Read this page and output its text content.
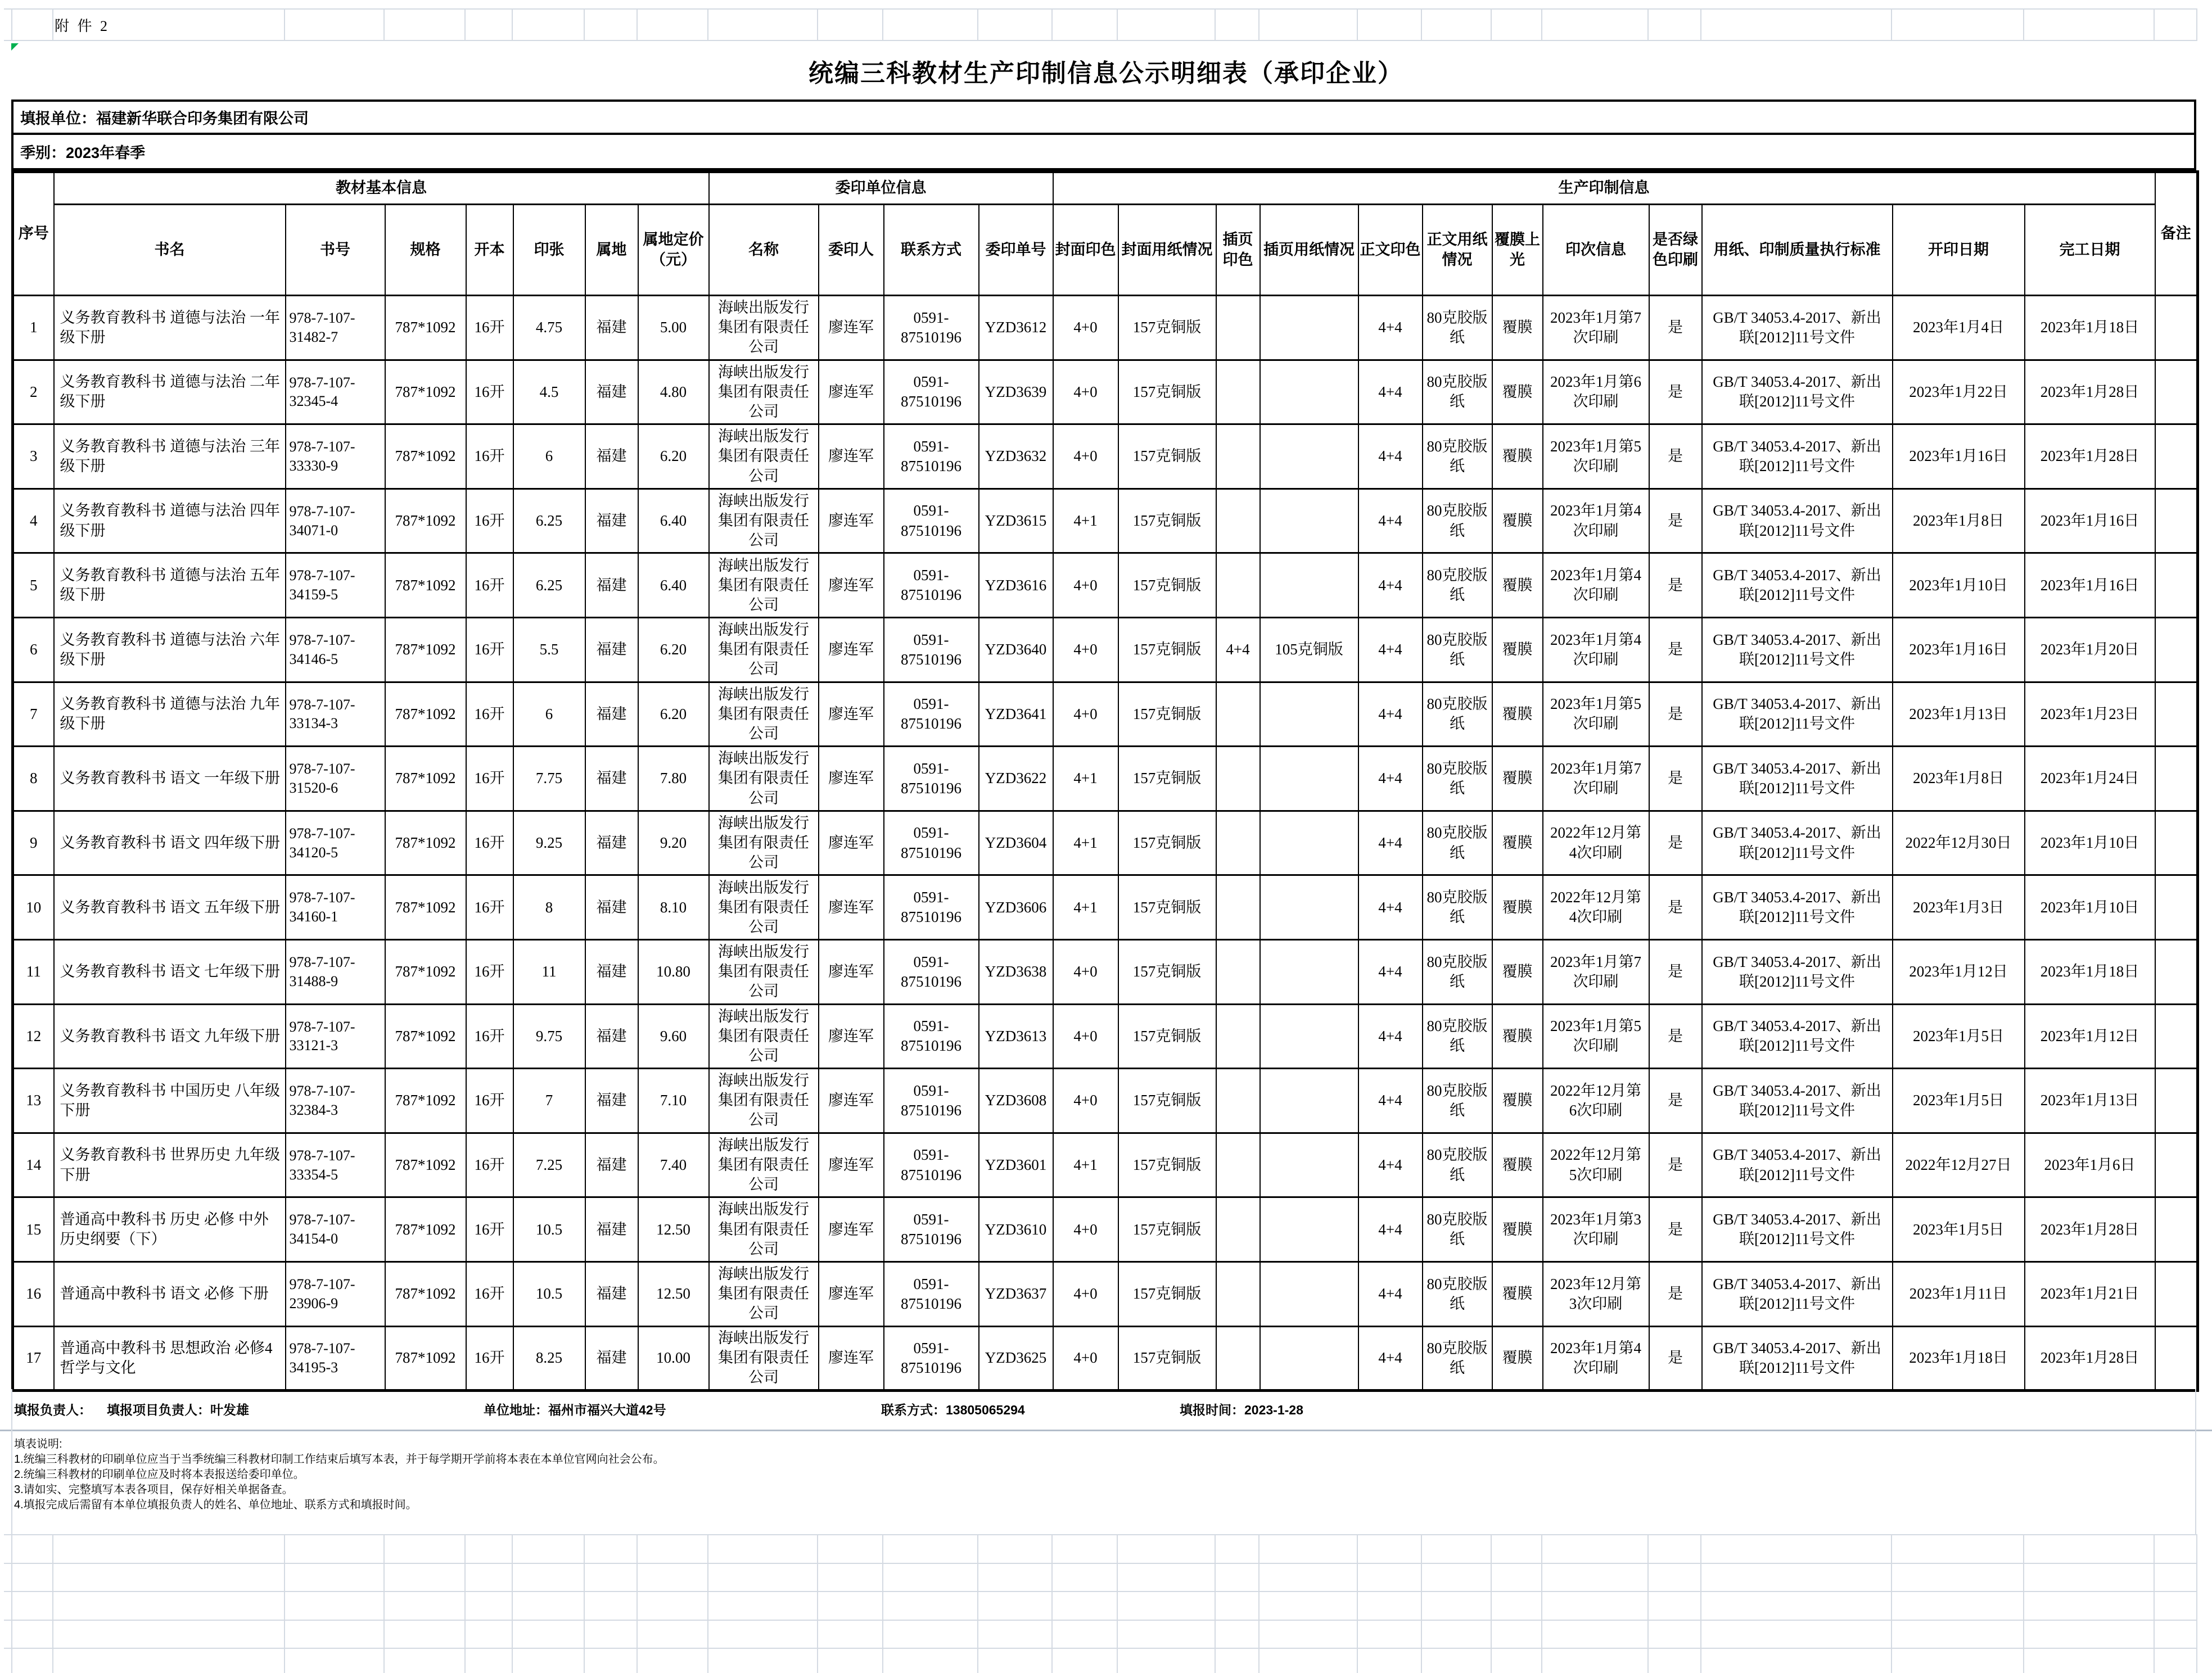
附 件 2
统编三科教材生产印制信息公示明细表（承印企业）
填报单位：福建新华联合印务集团有限公司
季别：2023年春季
序号	教材基本信息							委印单位信息				生产印制信息												备注
	书名	书号	规格	开本	印张	属地	属地定价（元）	名称	委印人	联系方式	委印单号	封面印色	封面用纸情况	插页印色	插页用纸情况	正文印色	正文用纸情况	覆膜上光	印次信息	是否绿色印刷	用纸、印制质量执行标准	开印日期	完工日期	
1	义务教育教科书 道德与法治 一年级下册	978-7-107-31482-7	787*1092	16开	4.75	福建	5.00	海峡出版发行集团有限责任公司	廖连军	0591-87510196	YZD3612	4+0	157克铜版			4+4	80克胶版纸	覆膜	2023年1月第7次印刷	是	GB/T 34053.4-2017、新出联[2012]11号文件	2023年1月4日	2023年1月18日	
2	义务教育教科书 道德与法治 二年级下册	978-7-107-32345-4	787*1092	16开	4.5	福建	4.80	海峡出版发行集团有限责任公司	廖连军	0591-87510196	YZD3639	4+0	157克铜版			4+4	80克胶版纸	覆膜	2023年1月第6次印刷	是	GB/T 34053.4-2017、新出联[2012]11号文件	2023年1月22日	2023年1月28日	
3	义务教育教科书 道德与法治 三年级下册	978-7-107-33330-9	787*1092	16开	6	福建	6.20	海峡出版发行集团有限责任公司	廖连军	0591-87510196	YZD3632	4+0	157克铜版			4+4	80克胶版纸	覆膜	2023年1月第5次印刷	是	GB/T 34053.4-2017、新出联[2012]11号文件	2023年1月16日	2023年1月28日	
4	义务教育教科书 道德与法治 四年级下册	978-7-107-34071-0	787*1092	16开	6.25	福建	6.40	海峡出版发行集团有限责任公司	廖连军	0591-87510196	YZD3615	4+1	157克铜版			4+4	80克胶版纸	覆膜	2023年1月第4次印刷	是	GB/T 34053.4-2017、新出联[2012]11号文件	2023年1月8日	2023年1月16日	
5	义务教育教科书 道德与法治 五年级下册	978-7-107-34159-5	787*1092	16开	6.25	福建	6.40	海峡出版发行集团有限责任公司	廖连军	0591-87510196	YZD3616	4+0	157克铜版			4+4	80克胶版纸	覆膜	2023年1月第4次印刷	是	GB/T 34053.4-2017、新出联[2012]11号文件	2023年1月10日	2023年1月16日	
6	义务教育教科书 道德与法治 六年级下册	978-7-107-34146-5	787*1092	16开	5.5	福建	6.20	海峡出版发行集团有限责任公司	廖连军	0591-87510196	YZD3640	4+0	157克铜版	4+4	105克铜版	4+4	80克胶版纸	覆膜	2023年1月第4次印刷	是	GB/T 34053.4-2017、新出联[2012]11号文件	2023年1月16日	2023年1月20日	
7	义务教育教科书 道德与法治 九年级下册	978-7-107-33134-3	787*1092	16开	6	福建	6.20	海峡出版发行集团有限责任公司	廖连军	0591-87510196	YZD3641	4+0	157克铜版			4+4	80克胶版纸	覆膜	2023年1月第5次印刷	是	GB/T 34053.4-2017、新出联[2012]11号文件	2023年1月13日	2023年1月23日	
8	义务教育教科书 语文 一年级下册	978-7-107-31520-6	787*1092	16开	7.75	福建	7.80	海峡出版发行集团有限责任公司	廖连军	0591-87510196	YZD3622	4+1	157克铜版			4+4	80克胶版纸	覆膜	2023年1月第7次印刷	是	GB/T 34053.4-2017、新出联[2012]11号文件	2023年1月8日	2023年1月24日	
9	义务教育教科书 语文 四年级下册	978-7-107-34120-5	787*1092	16开	9.25	福建	9.20	海峡出版发行集团有限责任公司	廖连军	0591-87510196	YZD3604	4+1	157克铜版			4+4	80克胶版纸	覆膜	2022年12月第4次印刷	是	GB/T 34053.4-2017、新出联[2012]11号文件	2022年12月30日	2023年1月10日	
10	义务教育教科书 语文 五年级下册	978-7-107-34160-1	787*1092	16开	8	福建	8.10	海峡出版发行集团有限责任公司	廖连军	0591-87510196	YZD3606	4+1	157克铜版			4+4	80克胶版纸	覆膜	2022年12月第4次印刷	是	GB/T 34053.4-2017、新出联[2012]11号文件	2023年1月3日	2023年1月10日	
11	义务教育教科书 语文 七年级下册	978-7-107-31488-9	787*1092	16开	11	福建	10.80	海峡出版发行集团有限责任公司	廖连军	0591-87510196	YZD3638	4+0	157克铜版			4+4	80克胶版纸	覆膜	2023年1月第7次印刷	是	GB/T 34053.4-2017、新出联[2012]11号文件	2023年1月12日	2023年1月18日	
12	义务教育教科书 语文 九年级下册	978-7-107-33121-3	787*1092	16开	9.75	福建	9.60	海峡出版发行集团有限责任公司	廖连军	0591-87510196	YZD3613	4+0	157克铜版			4+4	80克胶版纸	覆膜	2023年1月第5次印刷	是	GB/T 34053.4-2017、新出联[2012]11号文件	2023年1月5日	2023年1月12日	
13	义务教育教科书 中国历史 八年级下册	978-7-107-32384-3	787*1092	16开	7	福建	7.10	海峡出版发行集团有限责任公司	廖连军	0591-87510196	YZD3608	4+0	157克铜版			4+4	80克胶版纸	覆膜	2022年12月第6次印刷	是	GB/T 34053.4-2017、新出联[2012]11号文件	2023年1月5日	2023年1月13日	
14	义务教育教科书 世界历史 九年级下册	978-7-107-33354-5	787*1092	16开	7.25	福建	7.40	海峡出版发行集团有限责任公司	廖连军	0591-87510196	YZD3601	4+1	157克铜版			4+4	80克胶版纸	覆膜	2022年12月第5次印刷	是	GB/T 34053.4-2017、新出联[2012]11号文件	2022年12月27日	2023年1月6日	
15	普通高中教科书 历史 必修 中外历史纲要（下）	978-7-107-34154-0	787*1092	16开	10.5	福建	12.50	海峡出版发行集团有限责任公司	廖连军	0591-87510196	YZD3610	4+0	157克铜版			4+4	80克胶版纸	覆膜	2023年1月第3次印刷	是	GB/T 34053.4-2017、新出联[2012]11号文件	2023年1月5日	2023年1月28日	
16	普通高中教科书 语文 必修 下册	978-7-107-23906-9	787*1092	16开	10.5	福建	12.50	海峡出版发行集团有限责任公司	廖连军	0591-87510196	YZD3637	4+0	157克铜版			4+4	80克胶版纸	覆膜	2023年12月第3次印刷	是	GB/T 34053.4-2017、新出联[2012]11号文件	2023年1月11日	2023年1月21日	
17	普通高中教科书 思想政治 必修4 哲学与文化	978-7-107-34195-3	787*1092	16开	8.25	福建	10.00	海峡出版发行集团有限责任公司	廖连军	0591-87510196	YZD3625	4+0	157克铜版			4+4	80克胶版纸	覆膜	2023年1月第4次印刷	是	GB/T 34053.4-2017、新出联[2012]11号文件	2023年1月18日	2023年1月28日	
填报负责人： 填报项目负责人：叶发雄	单位地址：福州市福兴大道42号	联系方式：13805065294	填报时间：2023-1-28
填表说明:
1.统编三科教材的印刷单位应当于当季统编三科教材印制工作结束后填写本表，并于每学期开学前将本表在本单位官网向社会公布。
2.统编三科教材的印刷单位应及时将本表报送给委印单位。
3.请如实、完整填写本表各项目，保存好相关单据备查。
4.填报完成后需留有本单位填报负责人的姓名、单位地址、联系方式和填报时间。
